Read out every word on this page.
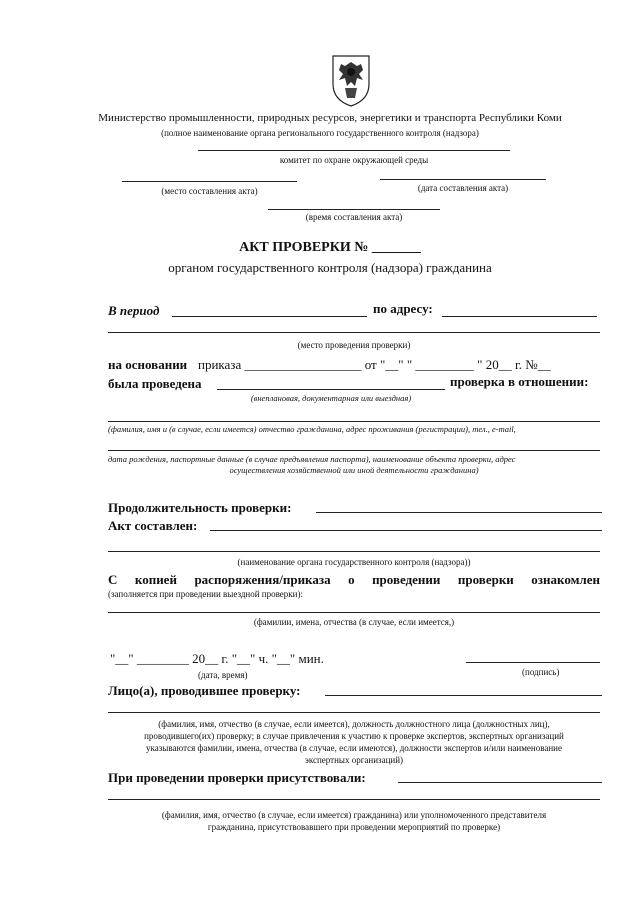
Министерство промышленности, природных ресурсов, энергетики и транспорта Республики Коми
(полное наименование органа регионального государственного контроля (надзора)
комитет по охране окружающей среды
(место составления акта)	(дата составления акта)
(время составления акта)
АКТ ПРОВЕРКИ № _______
органом государственного контроля (надзора) гражданина
В период	по адресу:
(место проведения проверки)
на основании приказа __________________ от "__" " _________ " 20__ г. №__
была проведена	проверка в отношении:
(внеплановая, документарная или выездная)
(фамилия, имя и (в случае, если имеется) отчество гражданина, адрес проживания (регистрации), тел., e-mail,
дата рождения, паспортные данные (в случае предъявления паспорта), наименование объекта проверки, адрес
осуществления хозяйственной или иной деятельности гражданина)
Продолжительность проверки:
Акт составлен:
(наименование органа государственного контроля (надзора))
С копией распоряжения/приказа о проведении проверки ознакомлен
(заполняется при проведении выездной проверки):
(фамилии, имена, отчества (в случае, если имеется,)
"__" ________ 20__ г. "__" ч. "__" мин.
(дата, время)	(подпись)
Лицо(а), проводившее проверку:
(фамилия, имя, отчество (в случае, если имеется), должность должностного лица (должностных лиц),
проводившего(их) проверку; в случае привлечения к участию к проверке экспертов, экспертных организаций
указываются фамилии, имена, отчества (в случае, если имеются), должности экспертов и/или наименование
экспертных организаций)
При проведении проверки присутствовали:
(фамилия, имя, отчество (в случае, если имеется) гражданина) или уполномоченного представителя
гражданина, присутствовавшего при проведении мероприятий по проверке)
